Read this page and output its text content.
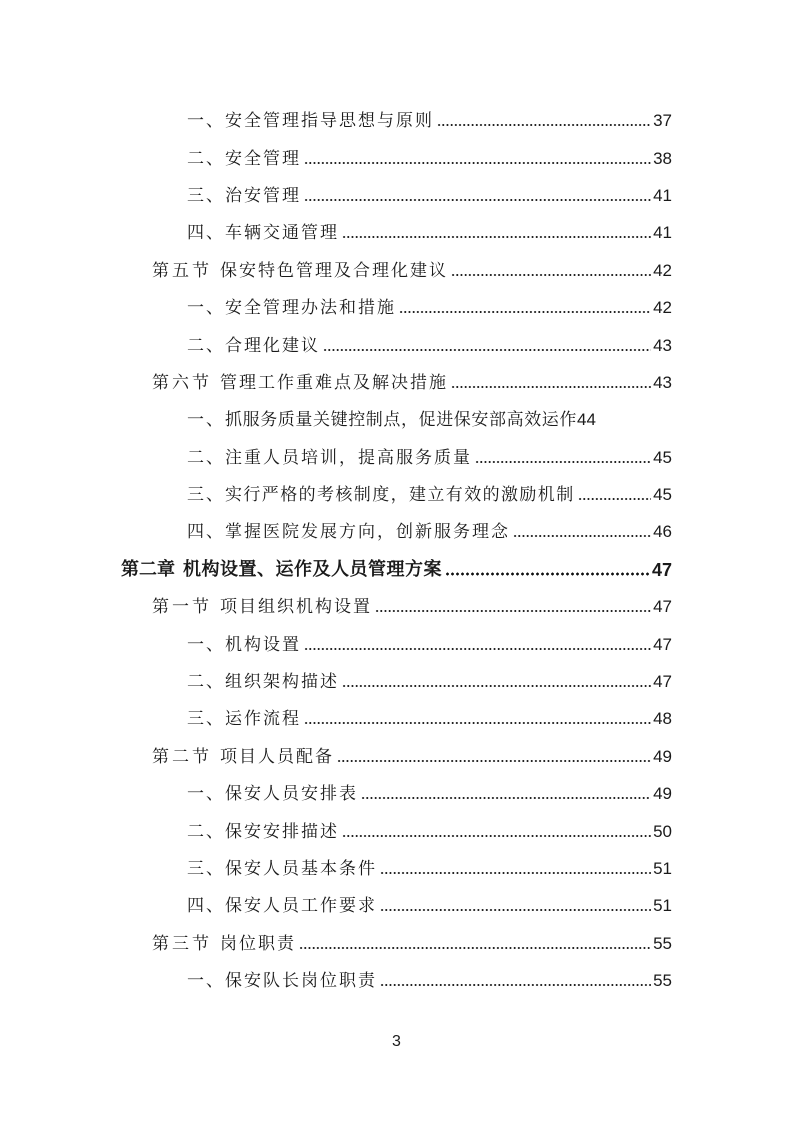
一、 安全管理指导思想与原则	37
二、 安全管理	38
三、 治安管理	41
四、 车辆交通管理	41
第五节 保安特色管理及合理化建议	42
一、 安全管理办法和措施	42
二、 合理化建议	43
第六节 管理工作重难点及解决措施	43
一、 抓服务质量关键控制点，促进保安部高效运作 44
二、 注重人员培训，提高服务质量	45
三、 实行严格的考核制度，建立有效的激励机制	45
四、 掌握医院发展方向，创新服务理念	46
第二章 机构设置、运作及人员管理方案	47
第一节 项目组织机构设置	47
一、 机构设置	47
二、 组织架构描述	47
三、 运作流程	48
第二节 项目人员配备	49
一、 保安人员安排表	49
二、 保安安排描述	50
三、 保安人员基本条件	51
四、 保安人员工作要求	51
第三节 岗位职责	55
一、 保安队长岗位职责	55
3
